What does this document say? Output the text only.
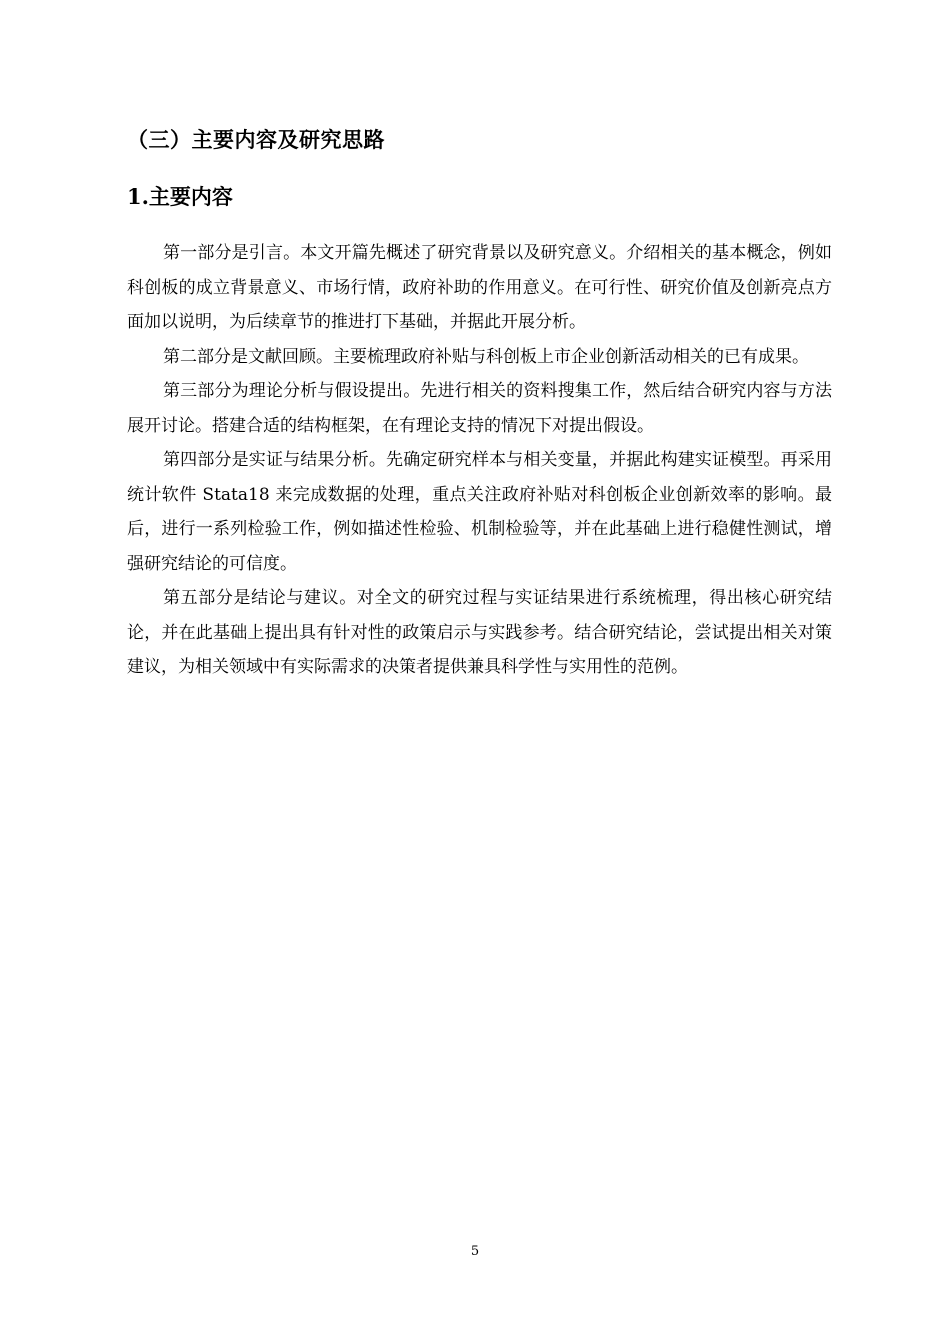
（三）主要内容及研究思路
1.主要内容

第一部分是引言。本文开篇先概述了研究背景以及研究意义。介绍相关的基本概念，例如科创板的成立背景意义、市场行情，政府补助的作用意义。在可行性、研究价值及创新亮点方面加以说明，为后续章节的推进打下基础，并据此开展分析。

第二部分是文献回顾。主要梳理政府补贴与科创板上市企业创新活动相关的已有成果。

第三部分为理论分析与假设提出。先进行相关的资料搜集工作，然后结合研究内容与方法展开讨论。搭建合适的结构框架，在有理论支持的情况下对提出假设。

第四部分是实证与结果分析。先确定研究样本与相关变量，并据此构建实证模型。再采用统计软件 Stata18 来完成数据的处理，重点关注政府补贴对科创板企业创新效率的影响。最后，进行一系列检验工作，例如描述性检验、机制检验等，并在此基础上进行稳健性测试，增强研究结论的可信度。

第五部分是结论与建议。对全文的研究过程与实证结果进行系统梳理，得出核心研究结论，并在此基础上提出具有针对性的政策启示与实践参考。结合研究结论，尝试提出相关对策建议，为相关领域中有实际需求的决策者提供兼具科学性与实用性的范例。

5
